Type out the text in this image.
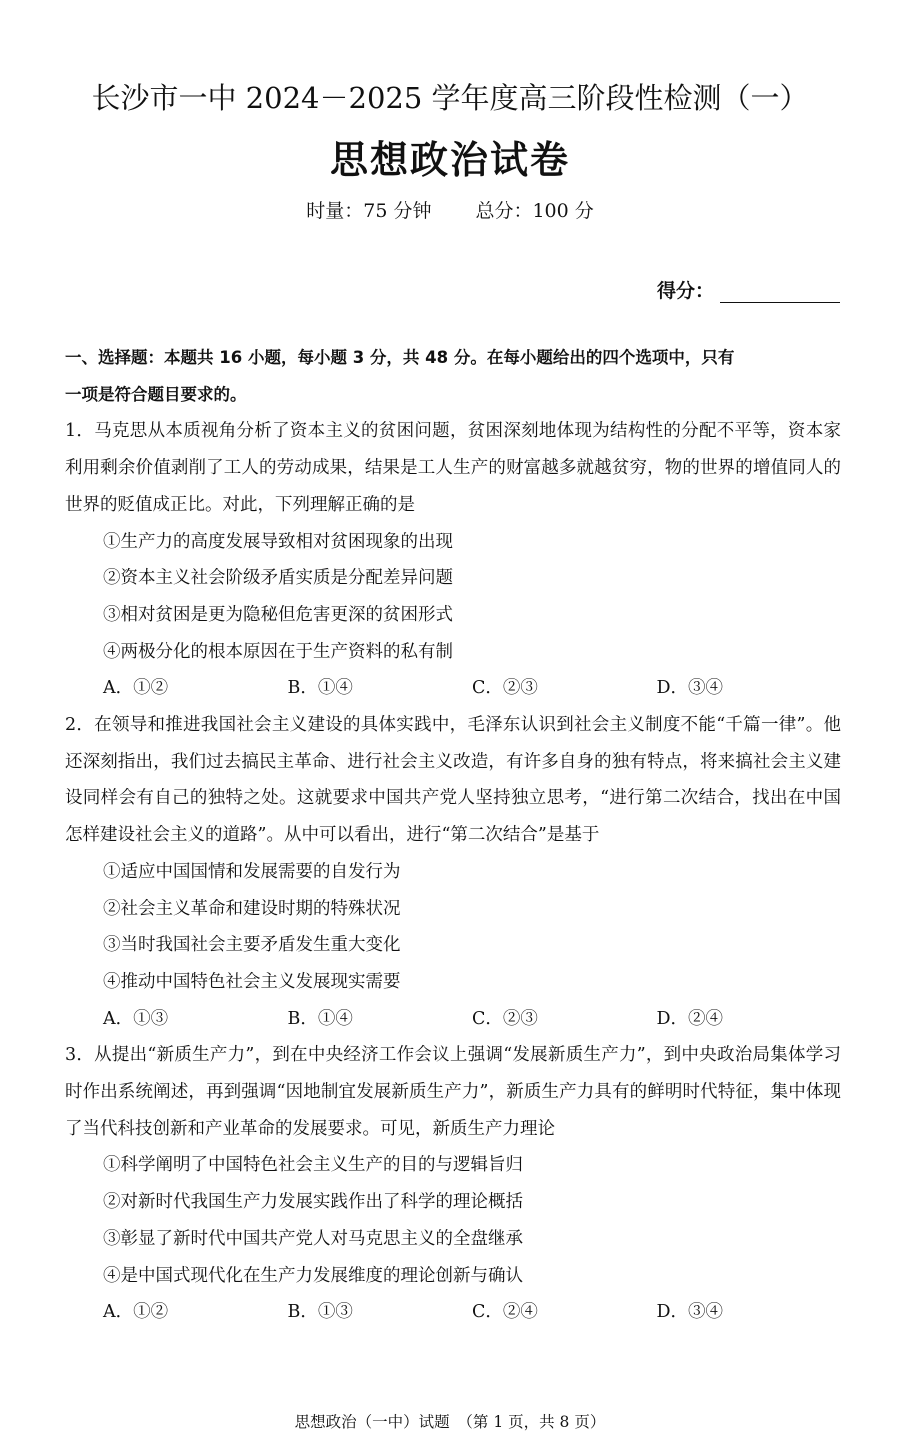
长沙市一中 2024－2025 学年度高三阶段性检测（一）
思想政治试卷
时量：75 分钟 总分：100 分
得分：

一、选择题：本题共 16 小题，每小题 3 分，共 48 分。在每小题给出的四个选项中，只有
一项是符合题目要求的。

1．马克思从本质视角分析了资本主义的贫困问题，贫困深刻地体现为结构性的分配不平等，资本家利用剩余价值剥削了工人的劳动成果，结果是工人生产的财富越多就越贫穷，物的世界的增值同人的世界的贬值成正比。对此，下列理解正确的是

①生产力的高度发展导致相对贫困现象的出现
②资本主义社会阶级矛盾实质是分配差异问题
③相对贫困是更为隐秘但危害更深的贫困形式
④两极分化的根本原因在于生产资料的私有制
A．①②	B．①④	C．②③	D．③④

2．在领导和推进我国社会主义建设的具体实践中，毛泽东认识到社会主义制度不能“千篇一律”。他还深刻指出，我们过去搞民主革命、进行社会主义改造，有许多自身的独有特点，将来搞社会主义建设同样会有自己的独特之处。这就要求中国共产党人坚持独立思考，“进行第二次结合，找出在中国怎样建设社会主义的道路”。从中可以看出，进行“第二次结合”是基于

①适应中国国情和发展需要的自发行为
②社会主义革命和建设时期的特殊状况
③当时我国社会主要矛盾发生重大变化
④推动中国特色社会主义发展现实需要
A．①③	B．①④	C．②③	D．②④

3．从提出“新质生产力”，到在中央经济工作会议上强调“发展新质生产力”，到中央政治局集体学习时作出系统阐述，再到强调“因地制宜发展新质生产力”，新质生产力具有的鲜明时代特征，集中体现了当代科技创新和产业革命的发展要求。可见，新质生产力理论

①科学阐明了中国特色社会主义生产的目的与逻辑旨归
②对新时代我国生产力发展实践作出了科学的理论概括
③彰显了新时代中国共产党人对马克思主义的全盘继承
④是中国式现代化在生产力发展维度的理论创新与确认
A．①②	B．①③	C．②④	D．③④
思想政治（一中）试题　（第 1 页，共 8 页）
